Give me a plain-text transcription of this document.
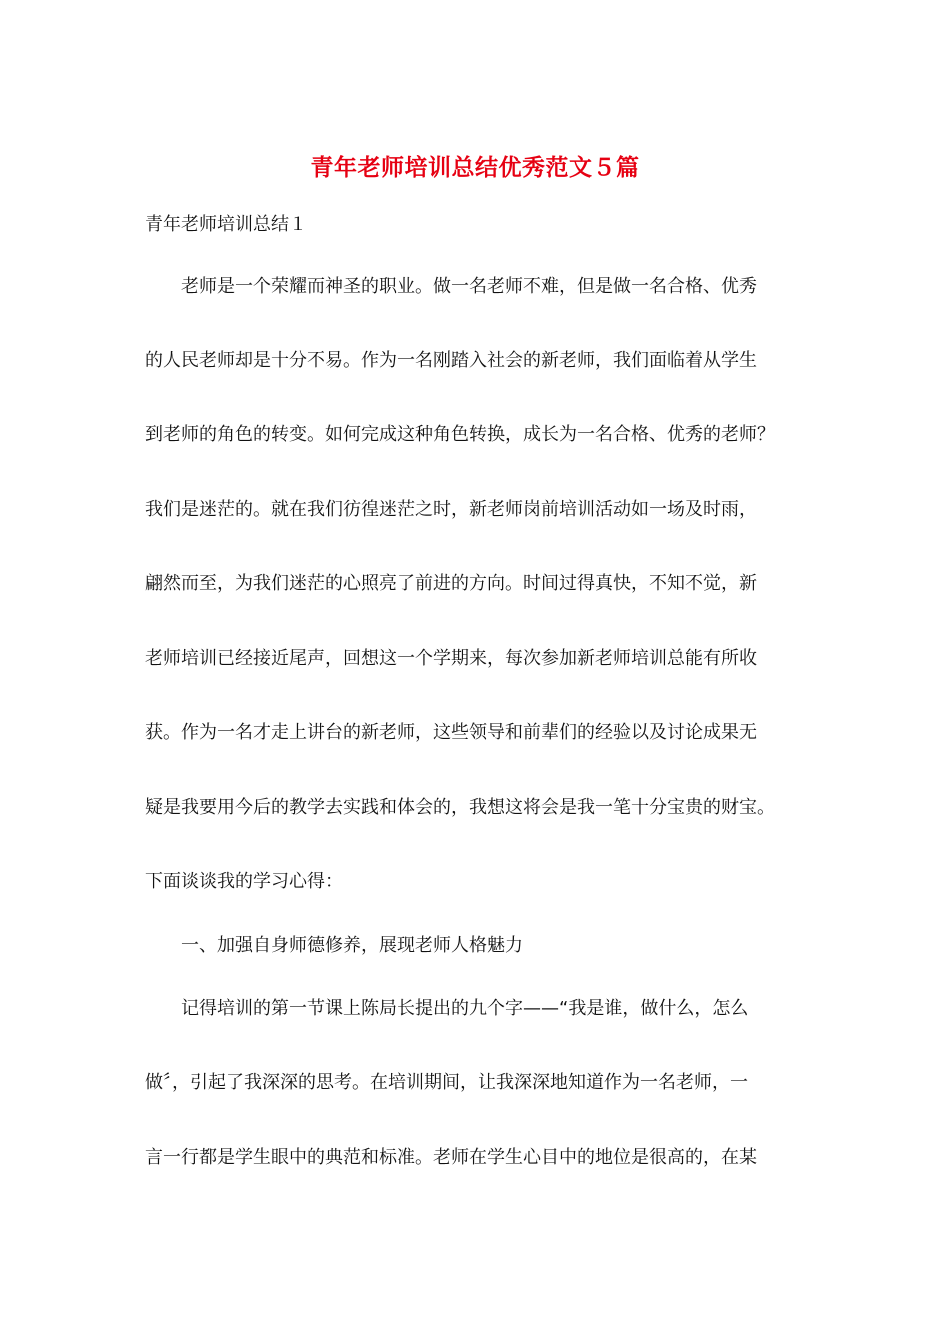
青年老师培训总结优秀范文５篇
青年老师培训总结１
老师是一个荣耀而神圣的职业。做一名老师不难，但是做一名合格、优秀
的人民老师却是十分不易。作为一名刚踏入社会的新老师，我们面临着从学生
到老师的角色的转变。如何完成这种角色转换，成长为一名合格、优秀的老师？
我们是迷茫的。就在我们彷徨迷茫之时，新老师岗前培训活动如一场及时雨，
翩然而至，为我们迷茫的心照亮了前进的方向。时间过得真快，不知不觉，新
老师培训已经接近尾声，回想这一个学期来，每次参加新老师培训总能有所收
获。作为一名才走上讲台的新老师，这些领导和前辈们的经验以及讨论成果无
疑是我要用今后的教学去实践和体会的，我想这将会是我一笔十分宝贵的财宝。
下面谈谈我的学习心得：
一、加强自身师德修养，展现老师人格魅力
记得培训的第一节课上陈局长提出的九个字——“我是谁，做什么，怎么
做〞，引起了我深深的思考。在培训期间，让我深深地知道作为一名老师，一
言一行都是学生眼中的典范和标准。老师在学生心目中的地位是很高的，在某
